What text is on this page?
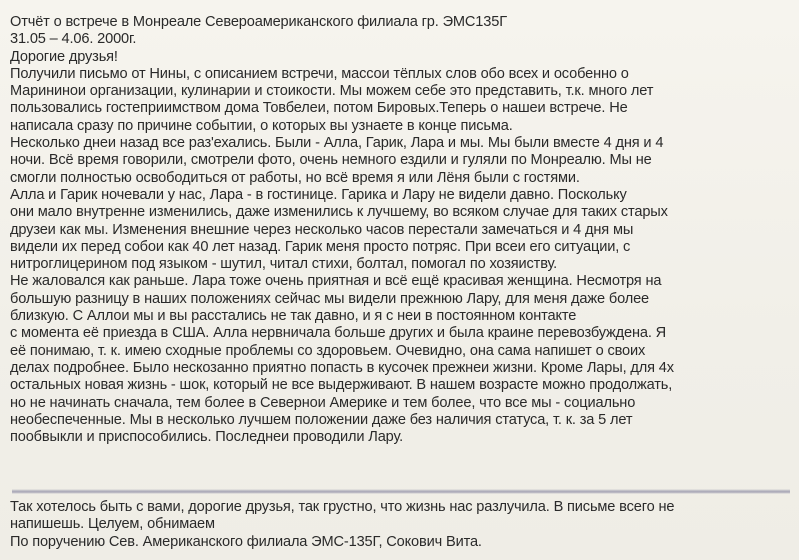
Отчёт о встрече в Монреале Североамериканского филиала гр. ЭМС135Г
31.05 – 4.06. 2000г.
Дорогие друзья!
Получили письмо от Нины, с описанием встречи, массои тёплых слов обо всех и особенно о
Марининои организации, кулинарии и стоикости. Мы можем себе это представить, т.к. много лет
пользовались гостеприимством дома Товбелеи, потом Бировых.Теперь о нашеи встрече. Не
написала сразу по причине событии, о которых вы узнаете в конце письма.
Несколько днеи назад все раз'ехались. Были - Алла, Гарик, Лара и мы. Мы были вместе 4 дня и 4
ночи. Всё время говорили, смотрели фото, очень немного ездили и гуляли по Монреалю. Мы не
смогли полностью освободиться от работы, но всё время я или Лёня были с гостями.
Алла и Гарик ночевали у нас, Лара - в гостинице. Гарика и Лару не видели давно. Поскольку
они мало внутренне изменились, даже изменились к лучшему, во всяком случае для таких старых
друзеи как мы. Изменения внешние через несколько часов перестали замечаться и 4 дня мы
видели их перед собои как 40 лет назад. Гарик меня просто потряс. При всеи его ситуации, с
нитроглицерином под языком - шутил, читал стихи, болтал, помогал по хозяиству.
Не жаловался как раньше. Лара тоже очень приятная и всё ещё красивая женщина. Несмотря на
большую разницу в наших положениях сейчас мы видели прежнюю Лару, для меня даже более
близкую. С Аллои мы и вы расстались не так давно, и я с неи в постоянном контакте
с момента её приезда в США. Алла нервничала больше других и была краине перевозбуждена. Я
её понимаю, т. к. имею сходные проблемы со здоровьем. Очевидно, она сама напишет о своих
делах подробнее. Было нескозанно приятно попасть в кусочек прежнеи жизни. Кроме Лары, для 4х
остальных новая жизнь - шок, который не все выдерживают. В нашем возрасте можно продолжать,
но не начинать сначала, тем более в Севернои Америке и тем более, что все мы - социально
необеспеченные. Мы в несколько лучшем положении даже без наличия статуса, т. к. за 5 лет
пообвыкли и приспособились. Последнеи проводили Лару.
Так хотелось быть с вами, дорогие друзья, так грустно, что жизнь нас разлучила. В письме всего не
напишешь. Целуем, обнимаем
По поручению Сев. Американского филиала ЭМС-135Г, Сокович Вита.
